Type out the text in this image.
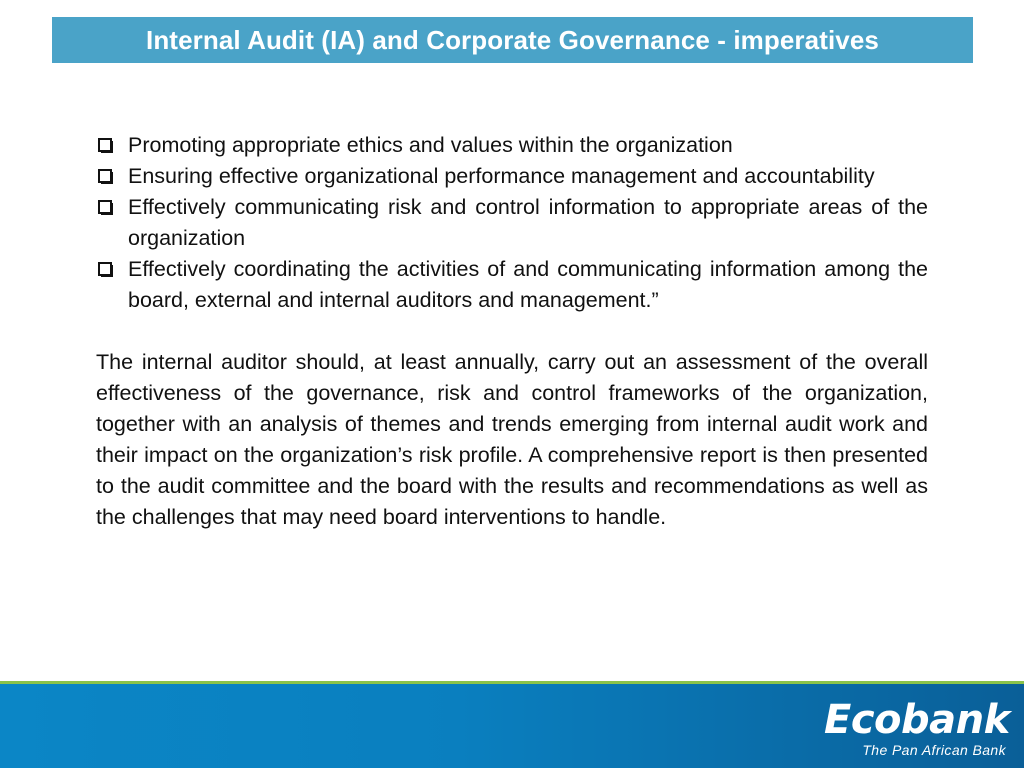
Internal Audit (IA) and Corporate Governance - imperatives
Promoting appropriate ethics and values within the organization
Ensuring effective organizational performance management and accountability
Effectively communicating risk and control information to appropriate areas of the organization
Effectively coordinating the activities of and communicating information among the board, external and internal auditors and management.”

The internal auditor should, at least annually, carry out an assessment of the overall effectiveness of the governance, risk and control frameworks of the organization, together with an analysis of themes and trends emerging from internal audit work and their impact on the organization’s risk profile. A comprehensive report is then presented to the audit committee and the board with the results and recommendations as well as the challenges that may need board interventions to handle.

Ecobank
The Pan African Bank
